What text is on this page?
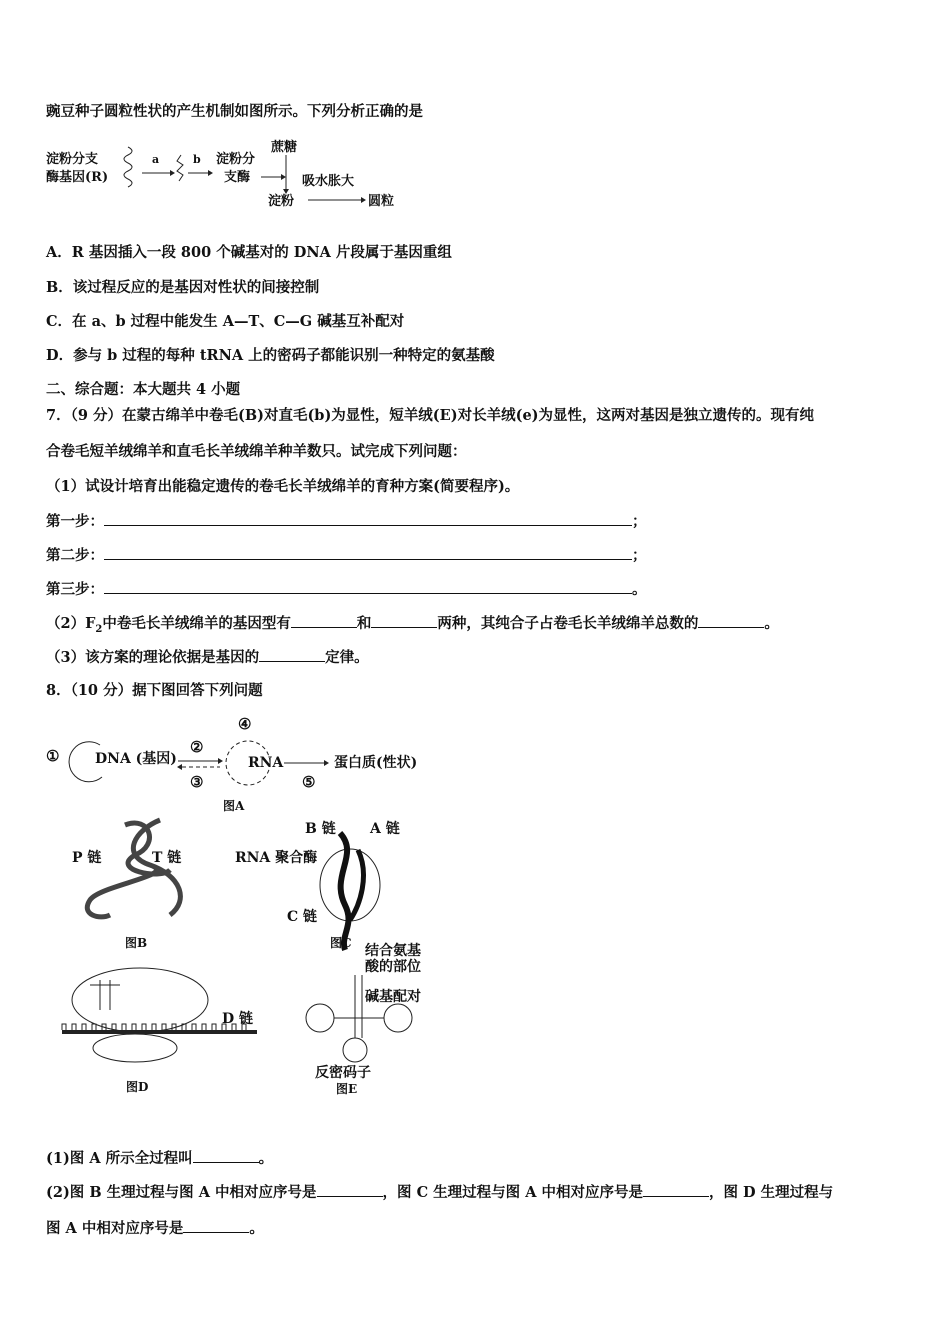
豌豆种子圆粒性状的产生机制如图所示。下列分析正确的是
淀粉分支
酶基因(R)
a	b 淀粉分
支酶
蔗糖
吸水胀大
淀粉	圆粒
A．R 基因插入一段 800 个碱基对的 DNA 片段属于基因重组
B．该过程反应的是基因对性状的间接控制
C．在 a、b 过程中能发生 A—T、C—G 碱基互补配对
D．参与 b 过程的每种 tRNA 上的密码子都能识别一种特定的氨基酸
二、综合题：本大题共 4 小题
7．（9 分）在蒙古绵羊中卷毛(B)对直毛(b)为显性，短羊绒(E)对长羊绒(e)为显性，这两对基因是独立遗传的。现有纯
合卷毛短羊绒绵羊和直毛长羊绒绵羊种羊数只。试完成下列问题：
（1）试设计培育出能稳定遗传的卷毛长羊绒绵羊的育种方案(简要程序)。
第一步：	；
第二步：	；
第三步：	。
$(2)F_2$中卷毛长羊绒绵羊的基因型有	和	两种，其纯合子占卷毛长羊绒绵羊总数的	。
（3）该方案的理论依据是基因的	定律。
8．（10 分）据下图回答下列问题
①	DNA (基因)
②
③
④
RNA
⑤
蛋白质(性状)
图A
P 链	T 链
图B
B 链 A 链
RNA 聚合酶
C 链
图C
D 链
图D
结合氨基
酸的部位
碱基配对
反密码子
图E
(1)图 A 所示全过程叫	。
(2)图 B 生理过程与图 A 中相对应序号是	，图 C 生理过程与图 A 中相对应序号是	，图 D 生理过程与
图 A 中相对应序号是	。
